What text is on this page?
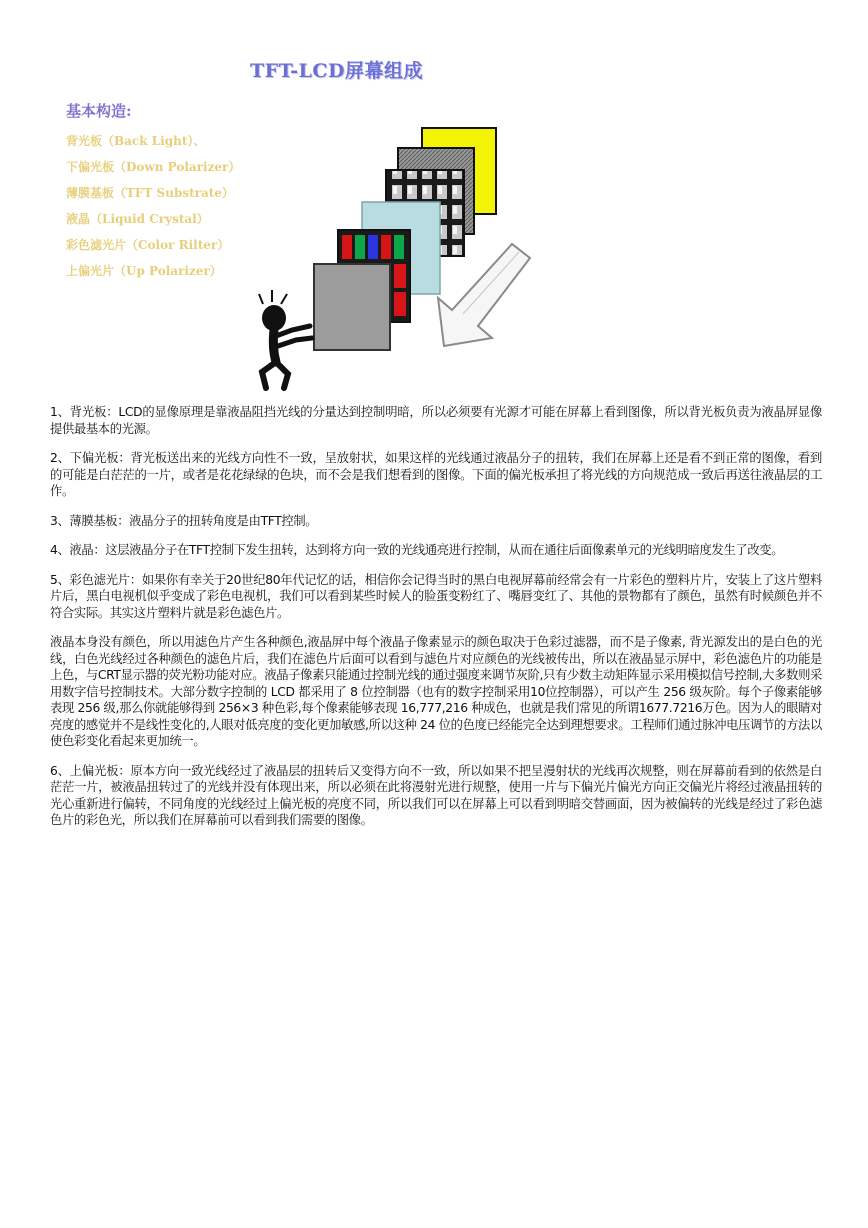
TFT-LCD屏幕组成
基本构造:
背光板（Back Light）、
下偏光板（Down Polarizer）
薄膜基板（TFT Substrate）
液晶（Liquid Crystal）
彩色滤光片（Color Rilter）
上偏光片（Up Polarizer）

1、背光板：LCD的显像原理是靠液晶阻挡光线的分量达到控制明暗，所以必须要有光源才可能在屏幕上看到图像，所以背光板负责为液晶屏显像提供最基本的光源。

2、下偏光板：背光板送出来的光线方向性不一致，呈放射状，如果这样的光线通过液晶分子的扭转，我们在屏幕上还是看不到正常的图像，看到的可能是白茫茫的一片，或者是花花绿绿的色块，而不会是我们想看到的图像。下面的偏光板承担了将光线的方向规范成一致后再送往液晶层的工作。

3、薄膜基板：液晶分子的扭转角度是由TFT控制。

4、液晶：这层液晶分子在TFT控制下发生扭转，达到将方向一致的光线通亮进行控制，从而在通往后面像素单元的光线明暗度发生了改变。

5、彩色滤光片：如果你有幸关于20世纪80年代记忆的话，相信你会记得当时的黑白电视屏幕前经常会有一片彩色的塑料片片，安装上了这片塑料片后，黑白电视机似乎变成了彩色电视机，我们可以看到某些时候人的脸蛋变粉红了、嘴唇变红了、其他的景物都有了颜色，虽然有时候颜色并不符合实际。其实这片塑料片就是彩色滤色片。

液晶本身没有颜色，所以用滤色片产生各种颜色,液晶屏中每个液晶子像素显示的颜色取决于色彩过滤器，而不是子像素, 背光源发出的是白色的光线，白色光线经过各种颜色的滤色片后，我们在滤色片后面可以看到与滤色片对应颜色的光线被传出，所以在液晶显示屏中，彩色滤色片的功能是上色，与CRT显示器的荧光粉功能对应。液晶子像素只能通过控制光线的通过强度来调节灰阶,只有少数主动矩阵显示采用模拟信号控制,大多数则采用数字信号控制技术。大部分数字控制的 LCD 都采用了 8 位控制器（也有的数字控制采用10位控制器），可以产生 256 级灰阶。每个子像素能够表现 256 级,那么你就能够得到 256×3 种色彩,每个像素能够表现 16,777,216 种成色，也就是我们常见的所谓1677.7216万色。因为人的眼睛对亮度的感觉并不是线性变化的,人眼对低亮度的变化更加敏感,所以这种 24 位的色度已经能完全达到理想要求。工程师们通过脉冲电压调节的方法以使色彩变化看起来更加统一。

6、上偏光板：原本方向一致光线经过了液晶层的扭转后又变得方向不一致，所以如果不把呈漫射状的光线再次规整，则在屏幕前看到的依然是白茫茫一片，被液晶扭转过了的光线并没有体现出来，所以必须在此将漫射光进行规整，使用一片与下偏光片偏光方向正交偏光片将经过液晶扭转的光心重新进行偏转，不同角度的光线经过上偏光板的亮度不同，所以我们可以在屏幕上可以看到明暗交替画面，因为被偏转的光线是经过了彩色滤色片的彩色光，所以我们在屏幕前可以看到我们需要的图像。
